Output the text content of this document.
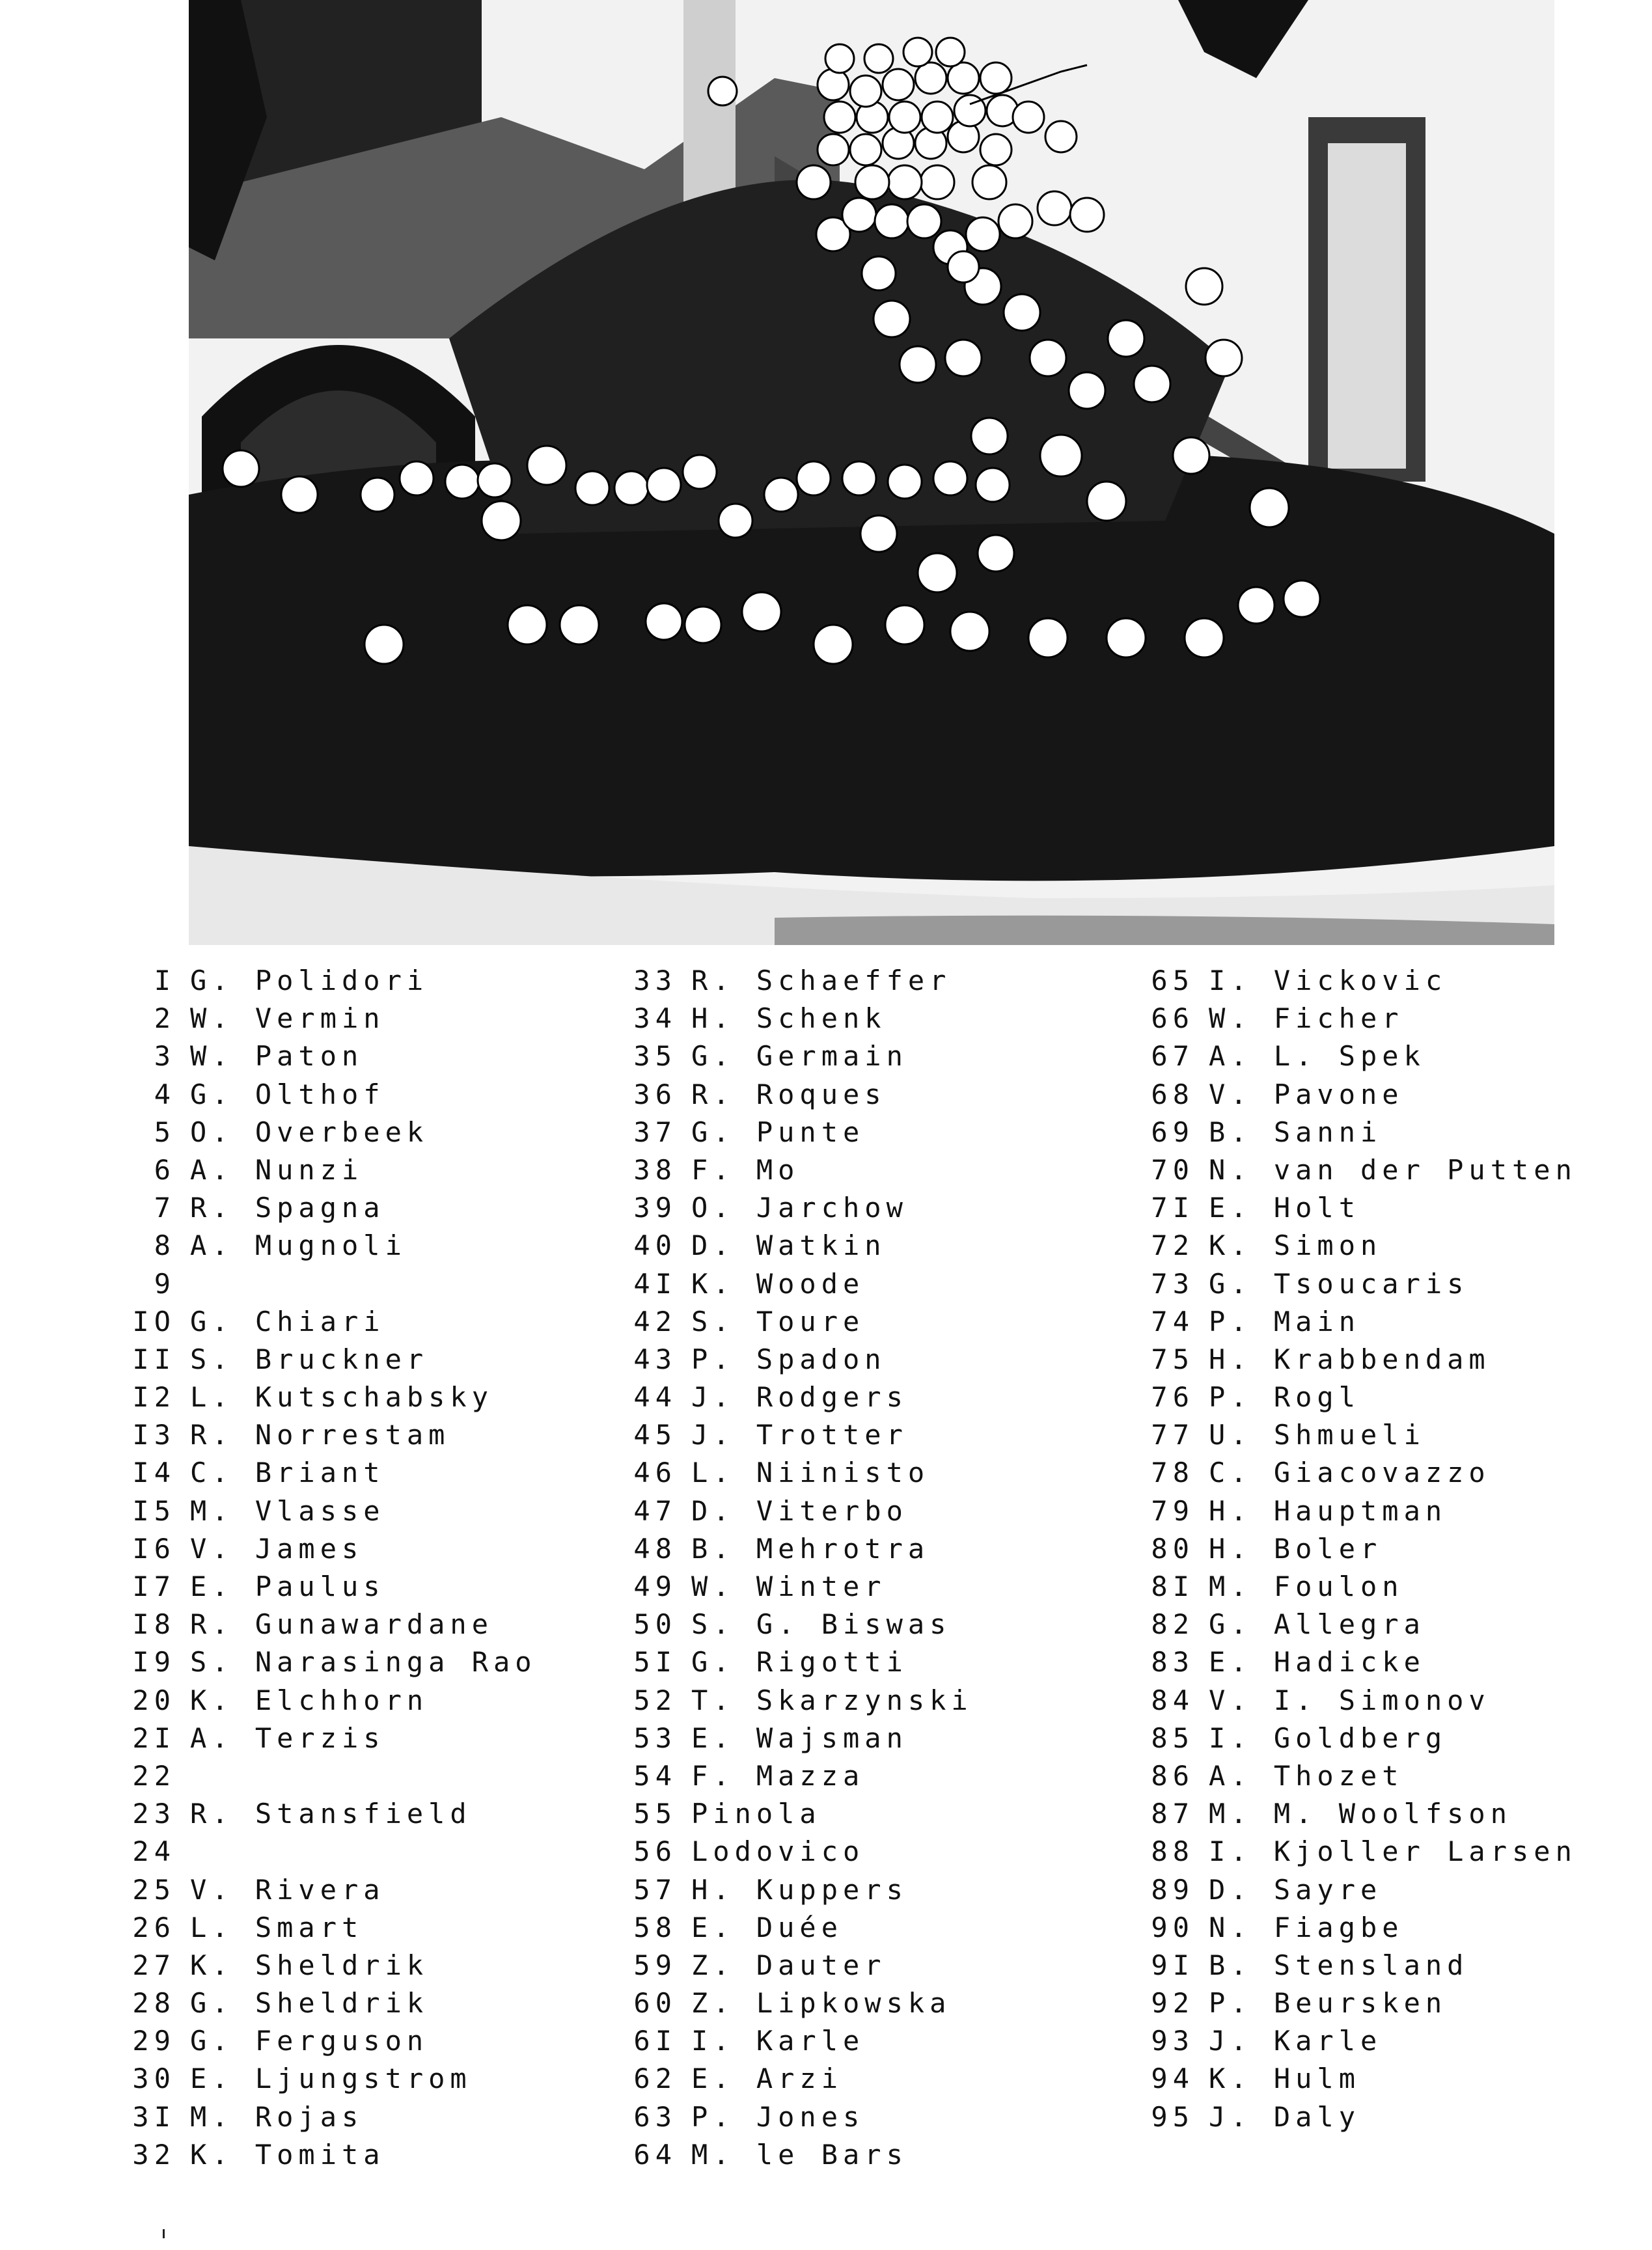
I G. Polidori
2 W. Vermin
3 W. Paton
4 G. Olthof
5 O. Overbeek
6 A. Nunzi
7 R. Spagna
8 A. Mugnoli
9
IO G. Chiari
II S. Bruckner
I2 L. Kutschabsky
I3 R. Norrestam
I4 C. Briant
I5 M. Vlasse
I6 V. James
I7 E. Paulus
I8 R. Gunawardane
I9 S. Narasinga Rao
20 K. Elchhorn
2I A. Terzis
22
23 R. Stansfield
24
25 V. Rivera
26 L. Smart
27 K. Sheldrik
28 G. Sheldrik
29 G. Ferguson
30 E. Ljungstrom
3I M. Rojas
32 K. Tomita
33 R. Schaeffer
34 H. Schenk
35 G. Germain
36 R. Roques
37 G. Punte
38 F. Mo
39 O. Jarchow
40 D. Watkin
4I K. Woode
42 S. Toure
43 P. Spadon
44 J. Rodgers
45 J. Trotter
46 L. Niinisto
47 D. Viterbo
48 B. Mehrotra
49 W. Winter
50 S. G. Biswas
5I G. Rigotti
52 T. Skarzynski
53 E. Wajsman
54 F. Mazza
55 Pinola
56 Lodovico
57 H. Kuppers
58 E. Duée
59 Z. Dauter
60 Z. Lipkowska
6I I. Karle
62 E. Arzi
63 P. Jones
64 M. le Bars
65 I. Vickovic
66 W. Ficher
67 A. L. Spek
68 V. Pavone
69 B. Sanni
70 N. van der Putten
7I E. Holt
72 K. Simon
73 G. Tsoucaris
74 P. Main
75 H. Krabbendam
76 P. Rogl
77 U. Shmueli
78 C. Giacovazzo
79 H. Hauptman
80 H. Boler
8I M. Foulon
82 G. Allegra
83 E. Hadicke
84 V. I. Simonov
85 I. Goldberg
86 A. Thozet
87 M. M. Woolfson
88 I. Kjoller Larsen
89 D. Sayre
90 N. Fiagbe
9I B. Stensland
92 P. Beursken
93 J. Karle
94 K. Hulm
95 J. Daly
